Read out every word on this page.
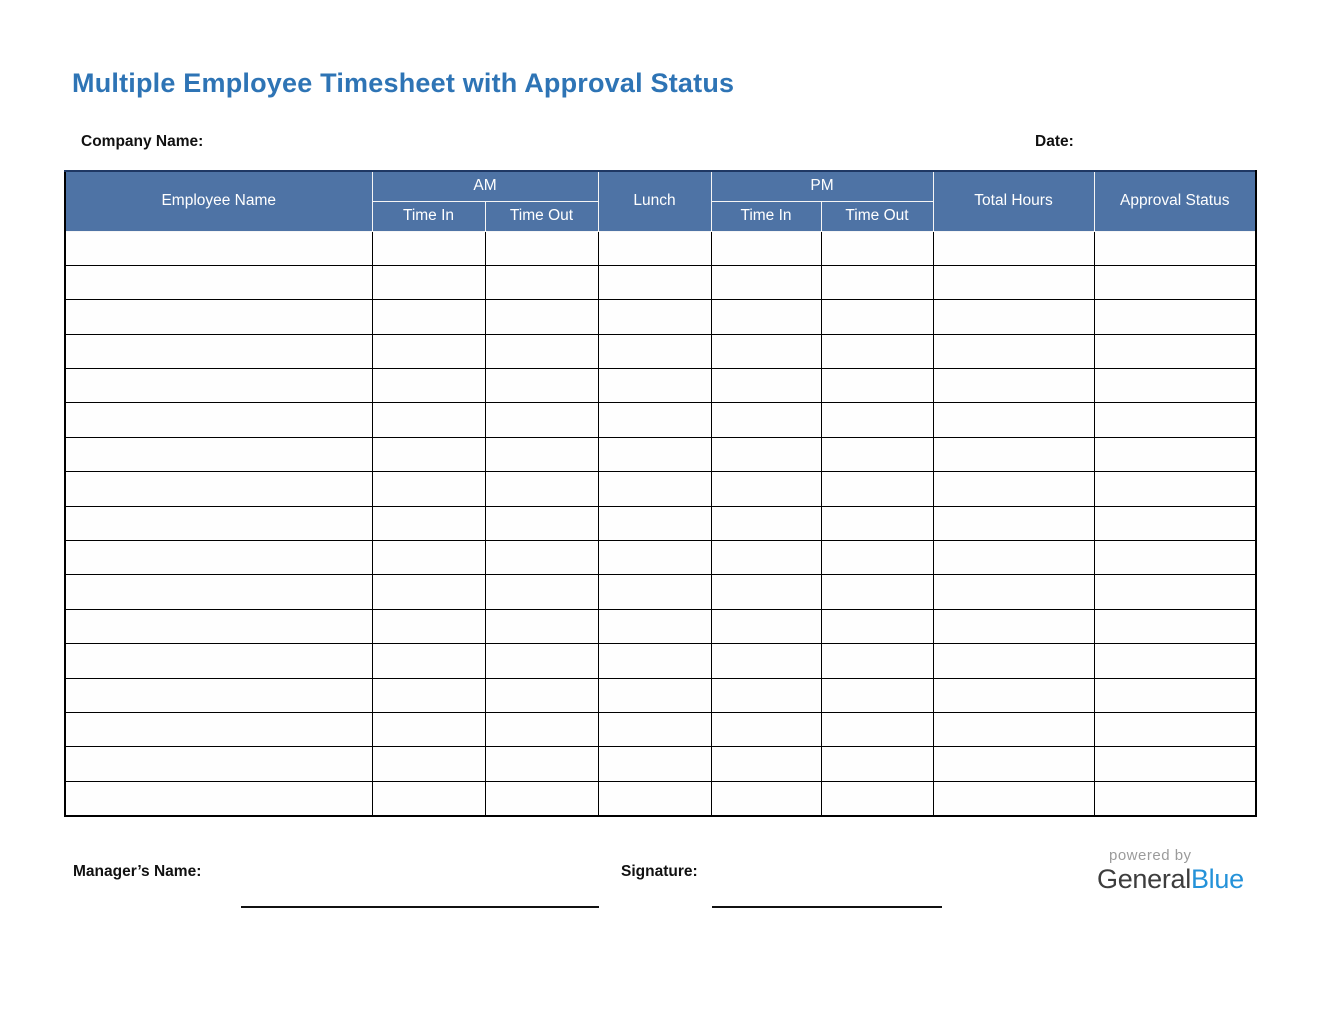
Multiple Employee Timesheet with Approval Status
Company Name:	Date:
Employee Name	AM		Lunch	PM		Total Hours	Approval Status
	Time In	Time Out		Time In	Time Out		

Manager’s Name:	Signature:
powered by
GeneralBlue
